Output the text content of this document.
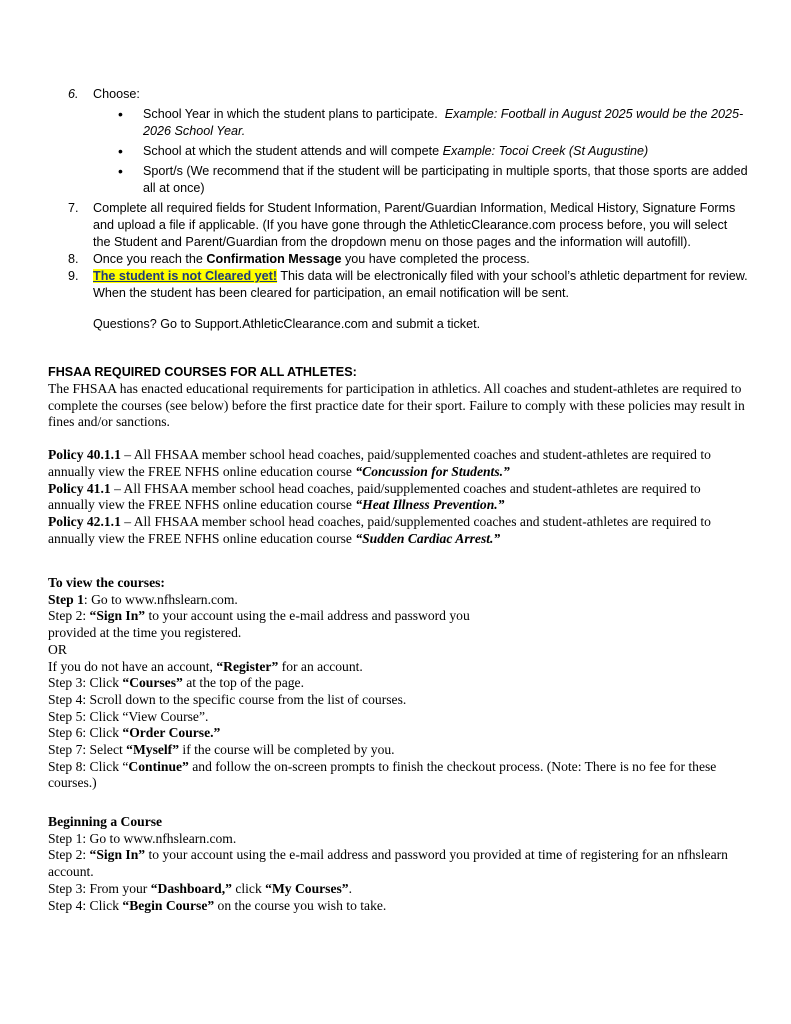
6. Choose:
• School Year in which the student plans to participate. Example: Football in August 2025 would be the 2025-2026 School Year.
• School at which the student attends and will compete Example: Tocoi Creek (St Augustine)
• Sport/s (We recommend that if the student will be participating in multiple sports, that those sports are added all at once)
7. Complete all required fields for Student Information, Parent/Guardian Information, Medical History, Signature Forms and upload a file if applicable. (If you have gone through the AthleticClearance.com process before, you will select the Student and Parent/Guardian from the dropdown menu on those pages and the information will autofill).
8. Once you reach the Confirmation Message you have completed the process.
9. The student is not Cleared yet! This data will be electronically filed with your school’s athletic department for review. When the student has been cleared for participation, an email notification will be sent.
Questions? Go to Support.AthleticClearance.com and submit a ticket.
FHSAA REQUIRED COURSES FOR ALL ATHLETES:

The FHSAA has enacted educational requirements for participation in athletics. All coaches and student-athletes are required to complete the courses (see below) before the first practice date for their sport. Failure to comply with these policies may result in fines and/or sanctions.

Policy 40.1.1 – All FHSAA member school head coaches, paid/supplemented coaches and student-athletes are required to annually view the FREE NFHS online education course “Concussion for Students.”

Policy 41.1 – All FHSAA member school head coaches, paid/supplemented coaches and student-athletes are required to annually view the FREE NFHS online education course “Heat Illness Prevention.”

Policy 42.1.1 – All FHSAA member school head coaches, paid/supplemented coaches and student-athletes are required to annually view the FREE NFHS online education course “Sudden Cardiac Arrest.”

To view the courses:

Step 1: Go to www.nfhslearn.com.

Step 2: “Sign In” to your account using the e-mail address and password you

provided at the time you registered.

OR

If you do not have an account, “Register” for an account.

Step 3: Click “Courses” at the top of the page.

Step 4: Scroll down to the specific course from the list of courses.

Step 5: Click “View Course”.

Step 6: Click “Order Course.”

Step 7: Select “Myself” if the course will be completed by you.

Step 8: Click “Continue” and follow the on-screen prompts to finish the checkout process. (Note: There is no fee for these courses.)

Beginning a Course

Step 1: Go to www.nfhslearn.com.

Step 2: “Sign In” to your account using the e-mail address and password you provided at time of registering for an nfhslearn account.

Step 3: From your “Dashboard,” click “My Courses”.

Step 4: Click “Begin Course” on the course you wish to take.
